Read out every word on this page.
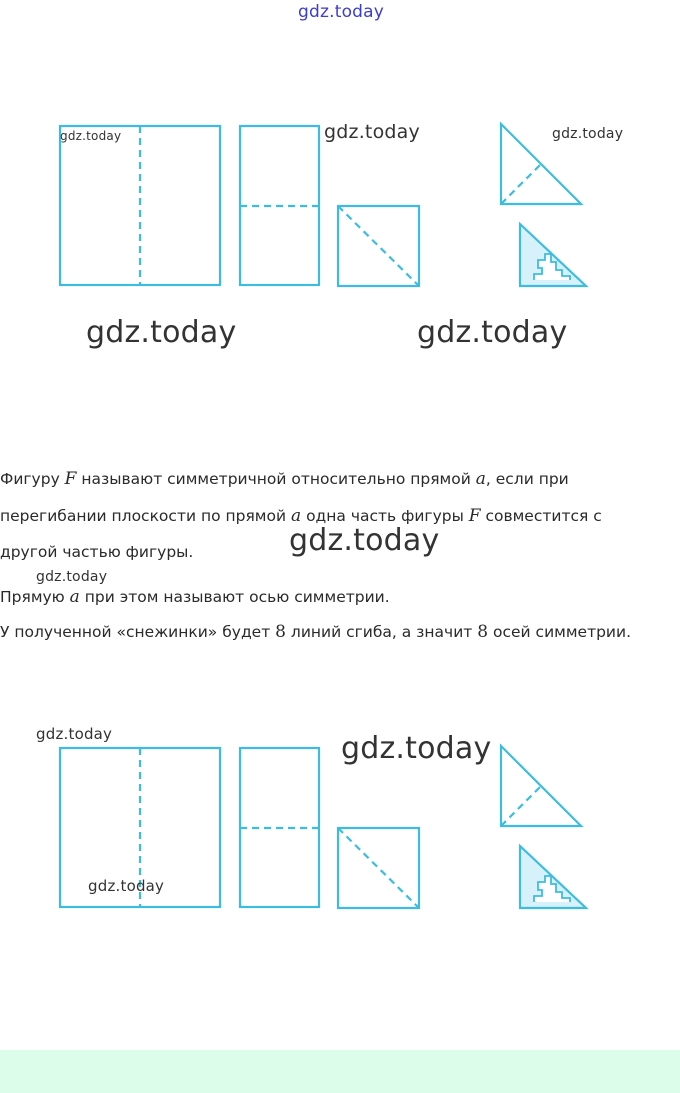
gdz.today
gdz.today	gdz.today	gdz.today
gdz.today	gdz.today
Фигуру F называют симметричной относительно прямой a, если при
перегибании плоскости по прямой a одна часть фигуры F совместится с
другой частью фигуры.	gdz.today
gdz.today
Прямую a при этом называют осью симметрии.
У полученной «снежинки» будет 8 линий сгиба, а значит 8 осей симметрии.
gdz.today	gdz.today
gdz.today
